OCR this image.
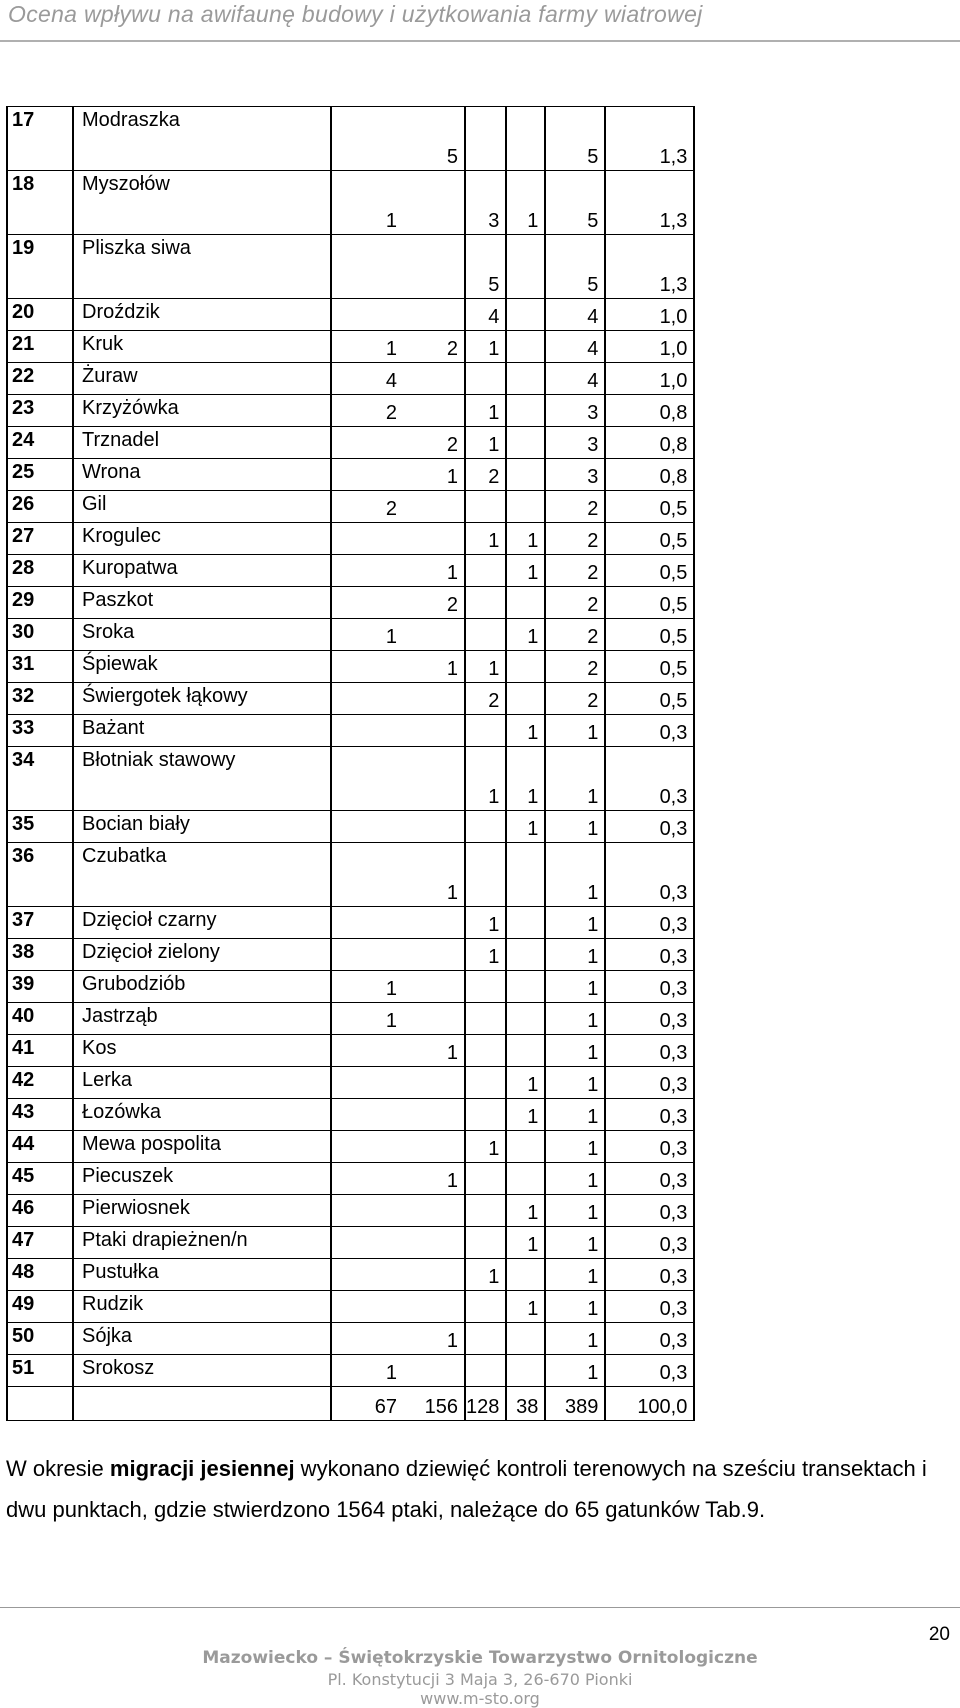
Ocena wpływu na awifaunę budowy i użytkowania farmy wiatrowej
17	Modraszka		5			5	1,3
18	Myszołów	1		3	1	5	1,3
19	Pliszka siwa			5		5	1,3
20	Droździk			4		4	1,0
21	Kruk	1	2	1		4	1,0
22	Żuraw	4				4	1,0
23	Krzyżówka	2		1		3	0,8
24	Trznadel		2	1		3	0,8
25	Wrona		1	2		3	0,8
26	Gil	2				2	0,5
27	Krogulec			1	1	2	0,5
28	Kuropatwa		1		1	2	0,5
29	Paszkot		2			2	0,5
30	Sroka	1			1	2	0,5
31	Śpiewak		1	1		2	0,5
32	Świergotek łąkowy			2		2	0,5
33	Bażant				1	1	0,3
34	Błotniak stawowy			1	1	1	0,3
35	Bocian biały				1	1	0,3
36	Czubatka		1			1	0,3
37	Dzięcioł czarny			1		1	0,3
38	Dzięcioł zielony			1		1	0,3
39	Grubodziób	1				1	0,3
40	Jastrząb	1				1	0,3
41	Kos		1			1	0,3
42	Lerka				1	1	0,3
43	Łozówka				1	1	0,3
44	Mewa pospolita			1		1	0,3
45	Piecuszek		1			1	0,3
46	Pierwiosnek				1	1	0,3
47	Ptaki drapieżnen/n				1	1	0,3
48	Pustułka			1		1	0,3
49	Rudzik				1	1	0,3
50	Sójka		1			1	0,3
51	Srokosz	1				1	0,3
		67	156	128	38	389	100,0
W okresie migracji jesiennej wykonano dziewięć kontroli terenowych na sześciu transektach i dwu punktach, gdzie stwierdzono 1564 ptaki, należące do 65 gatunków Tab.9.
20
Mazowiecko – Świętokrzyskie Towarzystwo Ornitologiczne
Pl. Konstytucji 3 Maja 3, 26-670 Pionki
www.m-sto.org
